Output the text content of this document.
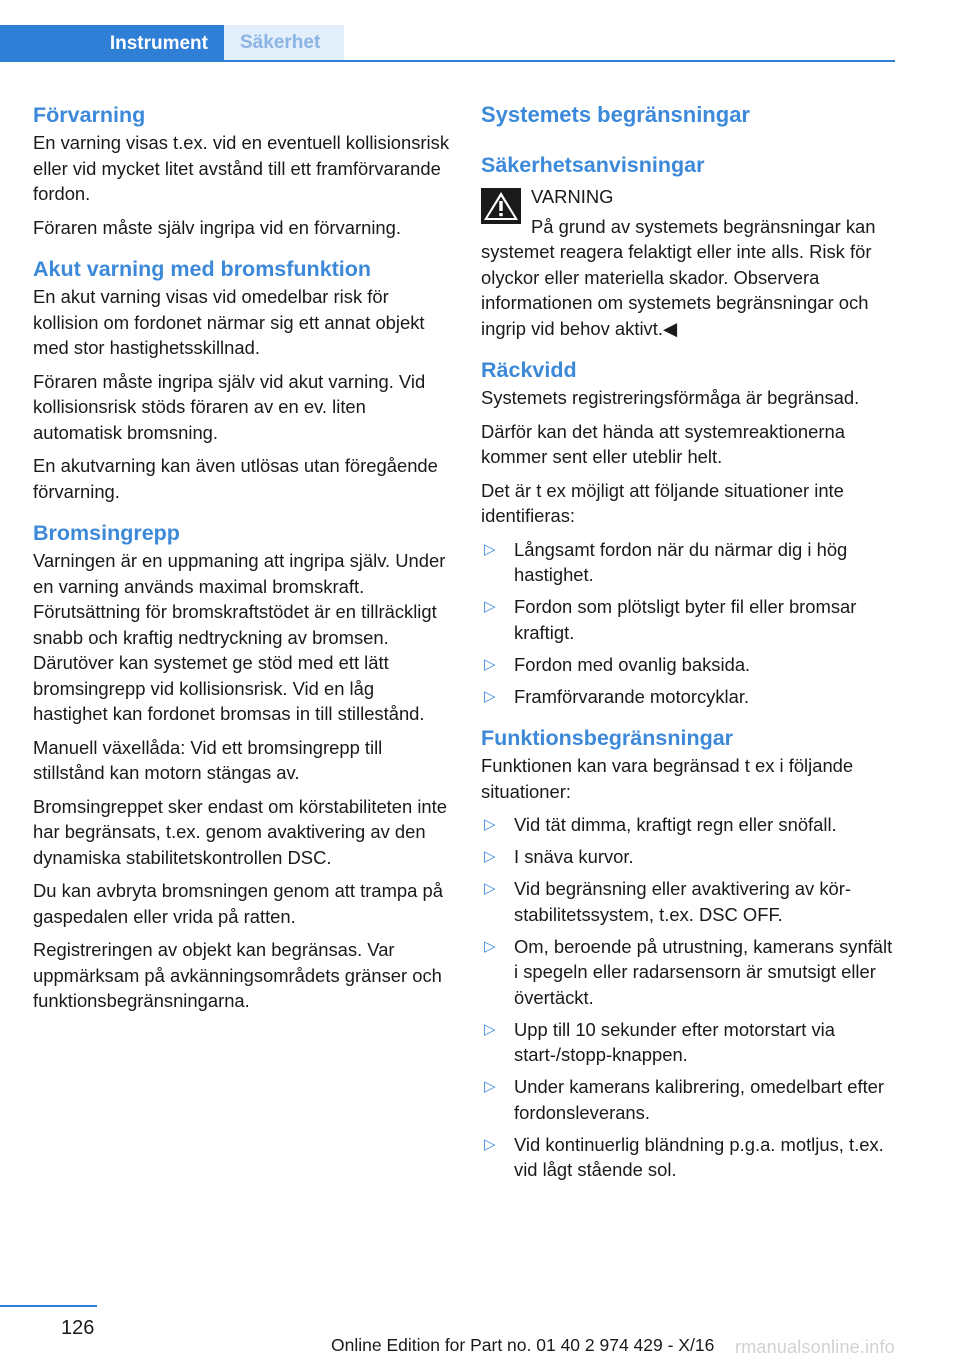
Instrument	Säkerhet
Förvarning

En varning visas t.ex. vid en eventuell kollisionsrisk eller vid mycket litet avstånd till ett framförvarande fordon.

Föraren måste själv ingripa vid en förvarning.

Akut varning med bromsfunktion

En akut varning visas vid omedelbar risk för kollision om fordonet närmar sig ett annat objekt med stor hastighetsskillnad.

Föraren måste ingripa själv vid akut varning. Vid kollisionsrisk stöds föraren av en ev. liten automatisk bromsning.

En akutvarning kan även utlösas utan föregående förvarning.

Bromsingrepp

Varningen är en uppmaning att ingripa själv. Under en varning används maximal bromskraft. Förutsättning för bromskraftstödet är en tillräckligt snabb och kraftig nedtryckning av bromsen. Därutöver kan systemet ge stöd med ett lätt bromsingrepp vid kollisionsrisk. Vid en låg hastighet kan fordonet bromsas in till stillestånd.

Manuell växellåda: Vid ett bromsingrepp till stillstånd kan motorn stängas av.

Bromsingreppet sker endast om körstabiliteten inte har begränsats, t.ex. genom avaktivering av den dynamiska stabilitetskontrollen DSC.

Du kan avbryta bromsningen genom att trampa på gaspedalen eller vrida på ratten.

Registreringen av objekt kan begränsas. Var uppmärksam på avkänningsområdets gränser och funktionsbegränsningarna.

Systemets begränsningar
Säkerhetsanvisningar

VARNING

På grund av systemets begränsningar kan systemet reagera felaktigt eller inte alls. Risk för olyckor eller materiella skador. Observera informationen om systemets begränsningar och ingrip vid behov aktivt.◀

Räckvidd

Systemets registreringsförmåga är begränsad.

Därför kan det hända att systemreaktionerna kommer sent eller uteblir helt.

Det är t ex möjligt att följande situationer inte identifieras:

▷ Långsamt fordon när du närmar dig i hög hastighet.
▷ Fordon som plötsligt byter fil eller bromsar kraftigt.
▷ Fordon med ovanlig baksida.
▷ Framförvarande motorcyklar.
Funktionsbegränsningar

Funktionen kan vara begränsad t ex i följande situationer:

▷ Vid tät dimma, kraftigt regn eller snöfall.
▷ I snäva kurvor.
▷ Vid begränsning eller avaktivering av körstabilitetssystem, t.ex. DSC OFF.
▷ Om, beroende på utrustning, kamerans synfält i spegeln eller radarsensorn är smutsigt eller övertäckt.
▷ Upp till 10 sekunder efter motorstart via start-/stopp-knappen.
▷ Under kamerans kalibrering, omedelbart efter fordonsleverans.
▷ Vid kontinuerlig bländning p.g.a. motljus, t.ex. vid lågt stående sol.
126
Online Edition for Part no. 01 40 2 974 429 - X/16 rmanualsonline.info
